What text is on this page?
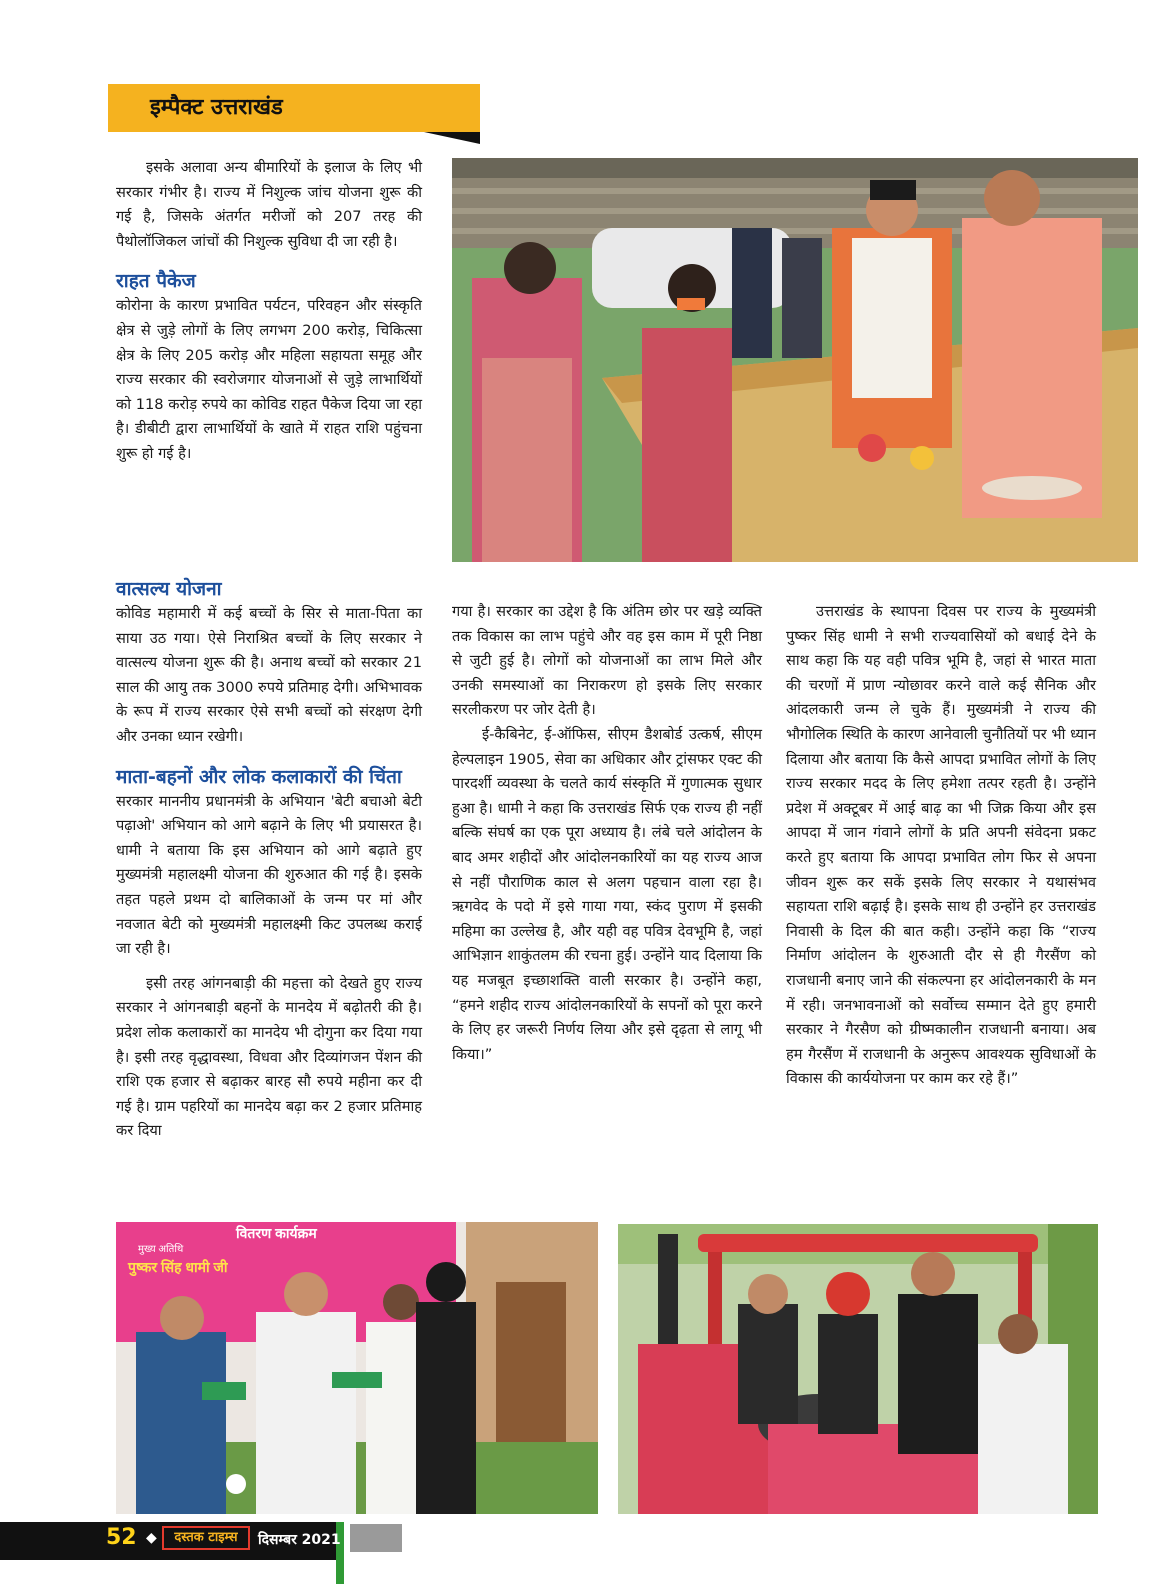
इम्पैक्ट उत्तराखंड

इसके अलावा अन्य बीमारियों के इलाज के लिए भी सरकार गंभीर है। राज्य में निशुल्क जांच योजना शुरू की गई है, जिसके अंतर्गत मरीजों को 207 तरह की पैथोलॉजिकल जांचों की निशुल्क सुविधा दी जा रही है।

राहत पैकेज

कोरोना के कारण प्रभावित पर्यटन, परिवहन और संस्कृति क्षेत्र से जुड़े लोगों के लिए लगभग 200 करोड़, चिकित्सा क्षेत्र के लिए 205 करोड़ और महिला सहायता समूह और राज्य सरकार की स्वरोजगार योजनाओं से जुड़े लाभार्थियों को 118 करोड़ रुपये का कोविड राहत पैकेज दिया जा रहा है। डीबीटी द्वारा लाभार्थियों के खाते में राहत राशि पहुंचना शुरू हो गई है।

वात्सल्य योजना

कोविड महामारी में कई बच्चों के सिर से माता-पिता का साया उठ गया। ऐसे निराश्रित बच्चों के लिए सरकार ने वात्सल्य योजना शुरू की है। अनाथ बच्चों को सरकार 21 साल की आयु तक 3000 रुपये प्रतिमाह देगी। अभिभावक के रूप में राज्य सरकार ऐसे सभी बच्चों को संरक्षण देगी और उनका ध्यान रखेगी।

माता-बहनों और लोक कलाकारों की चिंता

सरकार माननीय प्रधानमंत्री के अभियान 'बेटी बचाओ बेटी पढ़ाओ' अभियान को आगे बढ़ाने के लिए भी प्रयासरत है। धामी ने बताया कि इस अभियान को आगे बढ़ाते हुए मुख्यमंत्री महालक्ष्मी योजना की शुरुआत की गई है। इसके तहत पहले प्रथम दो बालिकाओं के जन्म पर मां और नवजात बेटी को मुख्यमंत्री महालक्ष्मी किट उपलब्ध कराई जा रही है।

इसी तरह आंगनबाड़ी की महत्ता को देखते हुए राज्य सरकार ने आंगनबाड़ी बहनों के मानदेय में बढ़ोतरी की है। प्रदेश लोक कलाकारों का मानदेय भी दोगुना कर दिया गया है। इसी तरह वृद्धावस्था, विधवा और दिव्यांगजन पेंशन की राशि एक हजार से बढ़ाकर बारह सौ रुपये महीना कर दी गई है। ग्राम पहरियों का मानदेय बढ़ा कर 2 हजार प्रतिमाह कर दिया

गया है। सरकार का उद्देश है कि अंतिम छोर पर खड़े व्यक्ति तक विकास का लाभ पहुंचे और वह इस काम में पूरी निष्ठा से जुटी हुई है। लोगों को योजनाओं का लाभ मिले और उनकी समस्याओं का निराकरण हो इसके लिए सरकार सरलीकरण पर जोर देती है।

ई-कैबिनेट, ई-ऑफिस, सीएम डैशबोर्ड उत्कर्ष, सीएम हेल्पलाइन 1905, सेवा का अधिकार और ट्रांसफर एक्ट की पारदर्शी व्यवस्था के चलते कार्य संस्कृति में गुणात्मक सुधार हुआ है। धामी ने कहा कि उत्तराखंड सिर्फ एक राज्य ही नहीं बल्कि संघर्ष का एक पूरा अध्याय है। लंबे चले आंदोलन के बाद अमर शहीदों और आंदोलनकारियों का यह राज्य आज से नहीं पौराणिक काल से अलग पहचान वाला रहा है। ऋगवेद के पदो में इसे गाया गया, स्कंद पुराण में इसकी महिमा का उल्लेख है, और यही वह पवित्र देवभूमि है, जहां आभिज्ञान शाकुंतलम की रचना हुई। उन्होंने याद दिलाया कि यह मजबूत इच्छाशक्ति वाली सरकार है। उन्होंने कहा, “हमने शहीद राज्य आंदोलनकारियों के सपनों को पूरा करने के लिए हर जरूरी निर्णय लिया और इसे दृढ़ता से लागू भी किया।”

उत्तराखंड के स्थापना दिवस पर राज्य के मुख्यमंत्री पुष्कर सिंह धामी ने सभी राज्यवासियों को बधाई देने के साथ कहा कि यह वही पवित्र भूमि है, जहां से भारत माता की चरणों में प्राण न्योछावर करने वाले कई सैनिक और आंदलकारी जन्म ले चुके हैं। मुख्यमंत्री ने राज्य की भौगोलिक स्थिति के कारण आनेवाली चुनौतियों पर भी ध्यान दिलाया और बताया कि कैसे आपदा प्रभावित लोगों के लिए राज्य सरकार मदद के लिए हमेशा तत्पर रहती है। उन्होंने प्रदेश में अक्टूबर में आई बाढ़ का भी जिक्र किया और इस आपदा में जान गंवाने लोगों के प्रति अपनी संवेदना प्रकट करते हुए बताया कि आपदा प्रभावित लोग फिर से अपना जीवन शुरू कर सकें इसके लिए सरकार ने यथासंभव सहायता राशि बढ़ाई है। इसके साथ ही उन्होंने हर उत्तराखंड निवासी के दिल की बात कही। उन्होंने कहा कि “राज्य निर्माण आंदोलन के शुरुआती दौर से ही गैरसैंण को राजधानी बनाए जाने की संकल्पना हर आंदोलनकारी के मन में रही। जनभावनाओं को सर्वोच्च सम्मान देते हुए हमारी सरकार ने गैरसैण को ग्रीष्मकालीन राजधानी बनाया। अब हम गैरसैंण में राजधानी के अनुरूप आवश्यक सुविधाओं के विकास की कार्ययोजना पर काम कर रहे हैं।”

वितरण कार्यक्रम
मुख्य अतिथि
पुष्कर सिंह धामी जी
52 ◆	दस्तक टाइम्स	दिसम्बर 2021
